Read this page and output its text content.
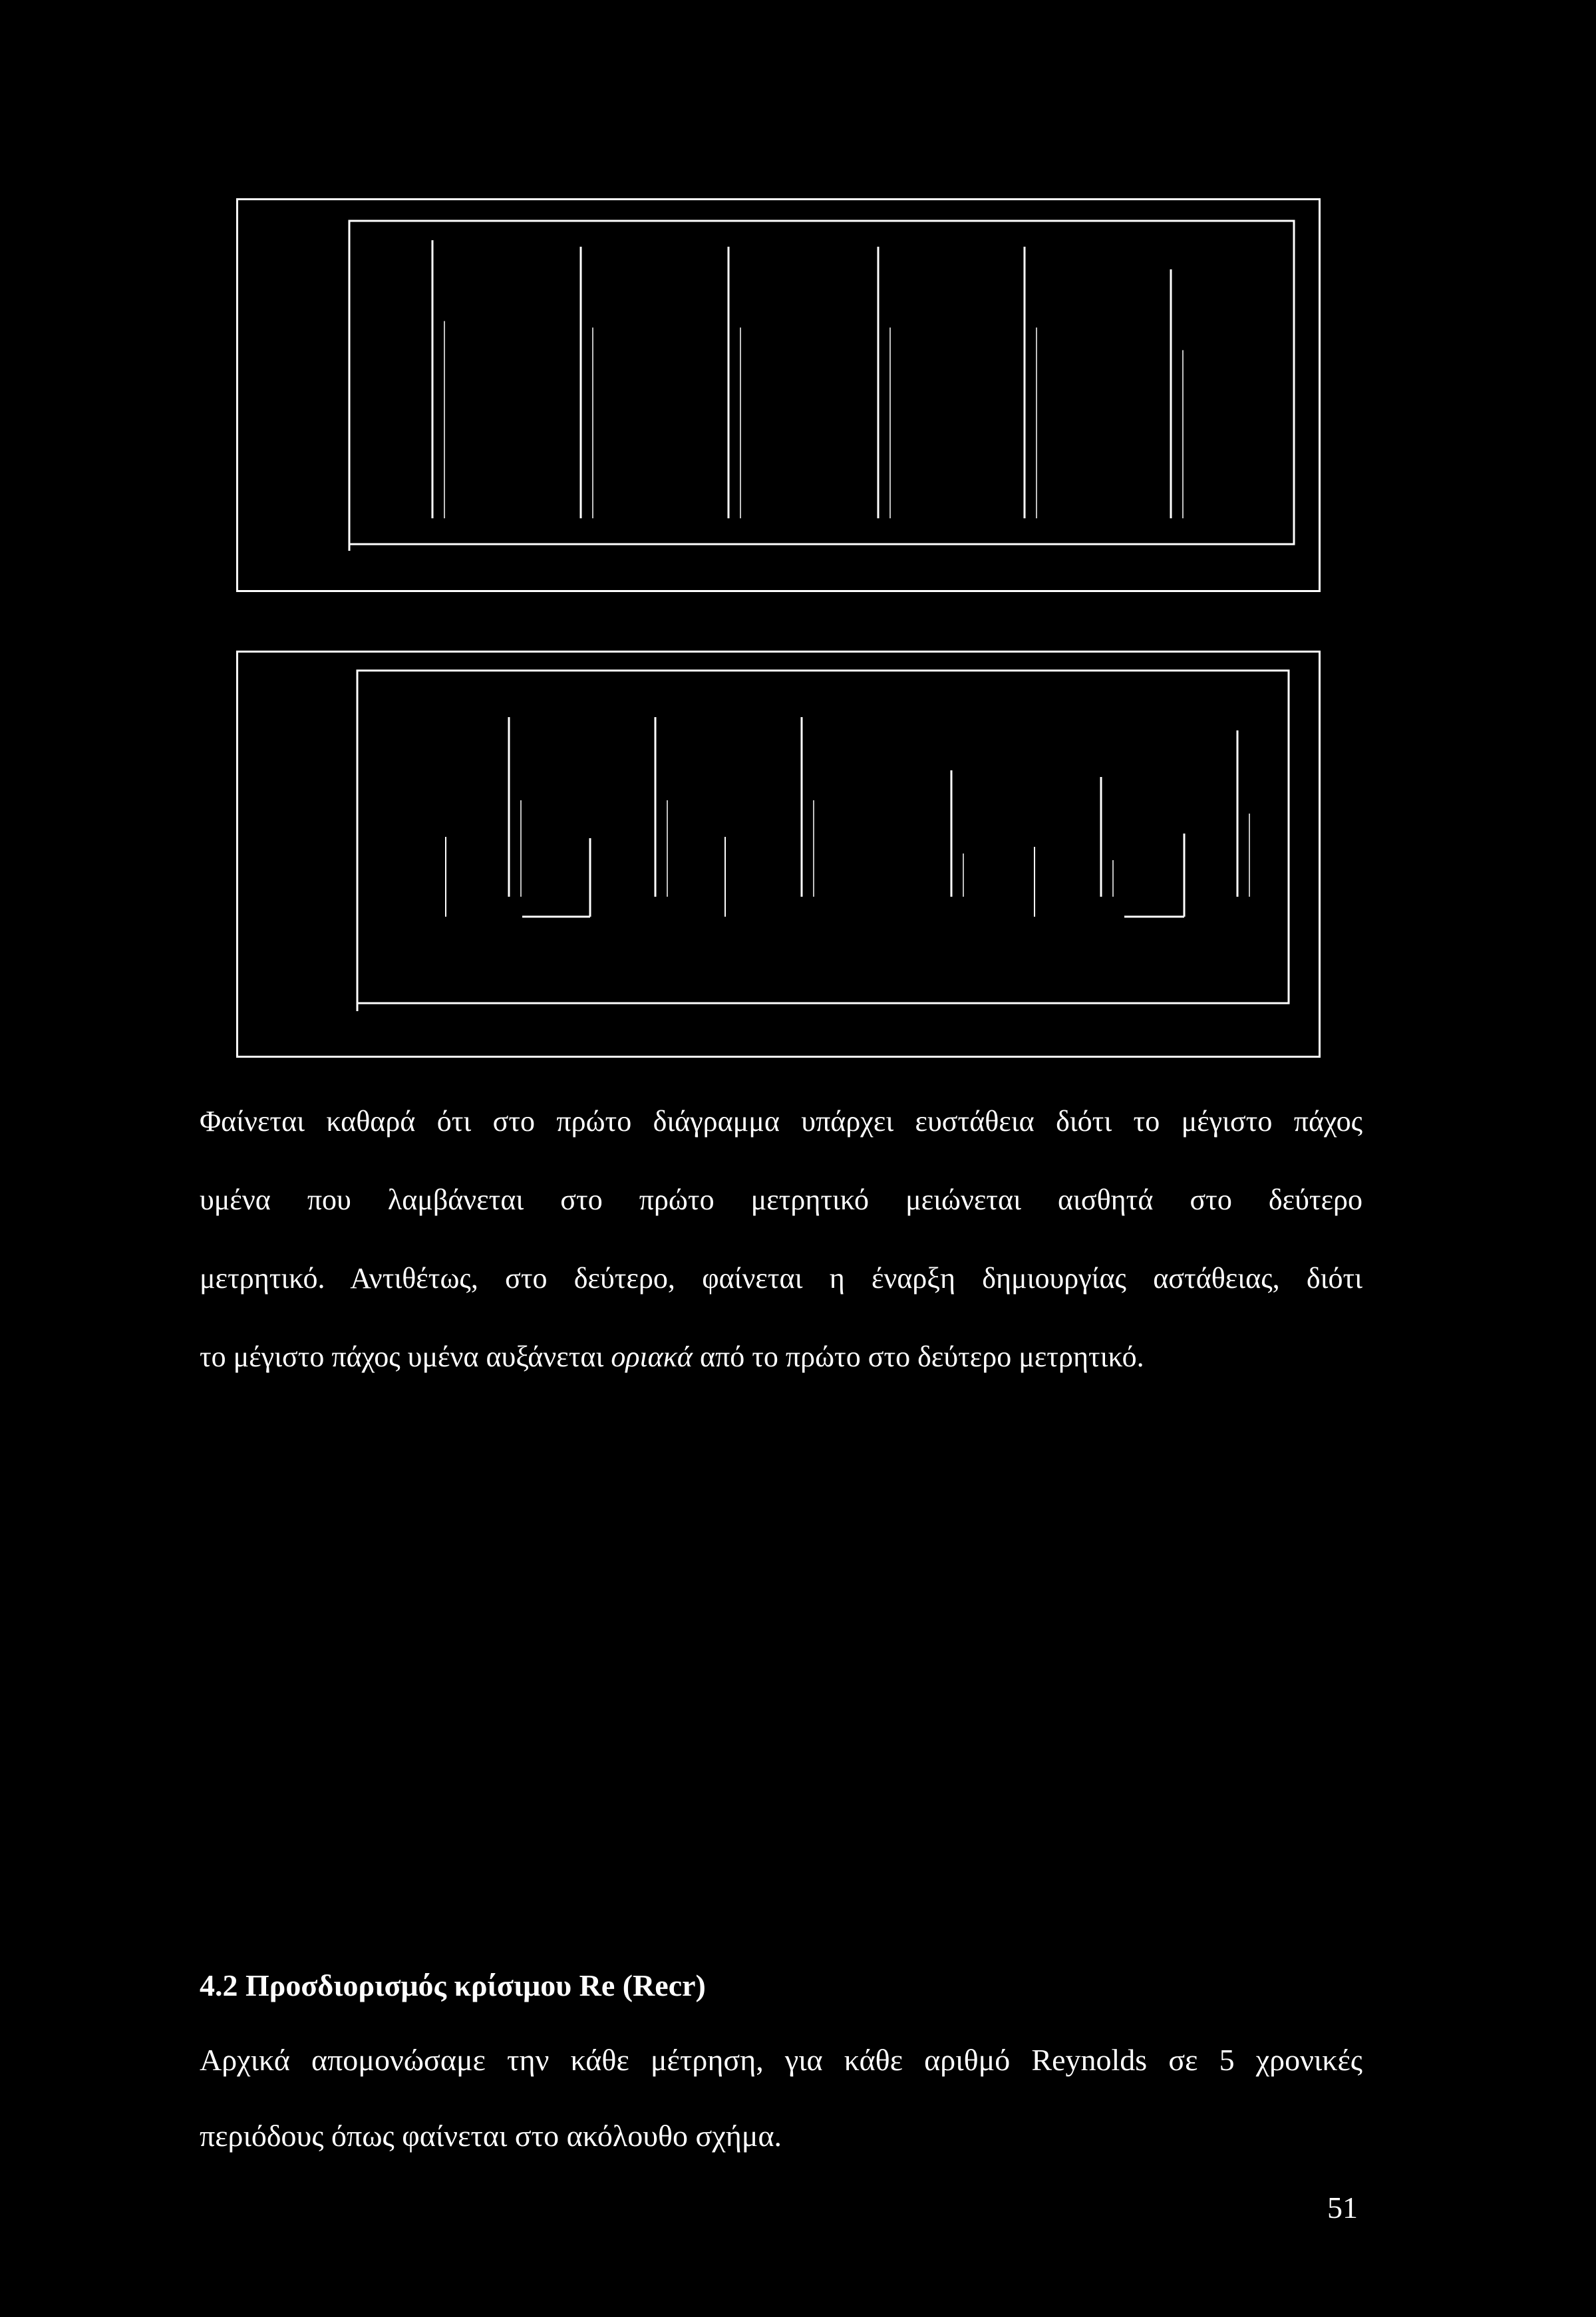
Φαίνεται καθαρά ότι στο πρώτο διάγραμμα υπάρχει ευστάθεια διότι το μέγιστο πάχος
υμένα που λαμβάνεται στο πρώτο μετρητικό μειώνεται αισθητά στο δεύτερο
μετρητικό. Αντιθέτως, στο δεύτερο, φαίνεται η έναρξη δημιουργίας αστάθειας, διότι
το μέγιστο πάχος υμένα αυξάνεται οριακά από το πρώτο στο δεύτερο μετρητικό.
4.2 Προσδιορισμός κρίσιμου Re (Recr)
Αρχικά απομονώσαμε την κάθε μέτρηση, για κάθε αριθμό Reynolds σε 5 χρονικές
περιόδους όπως φαίνεται στο ακόλουθο σχήμα.
51
